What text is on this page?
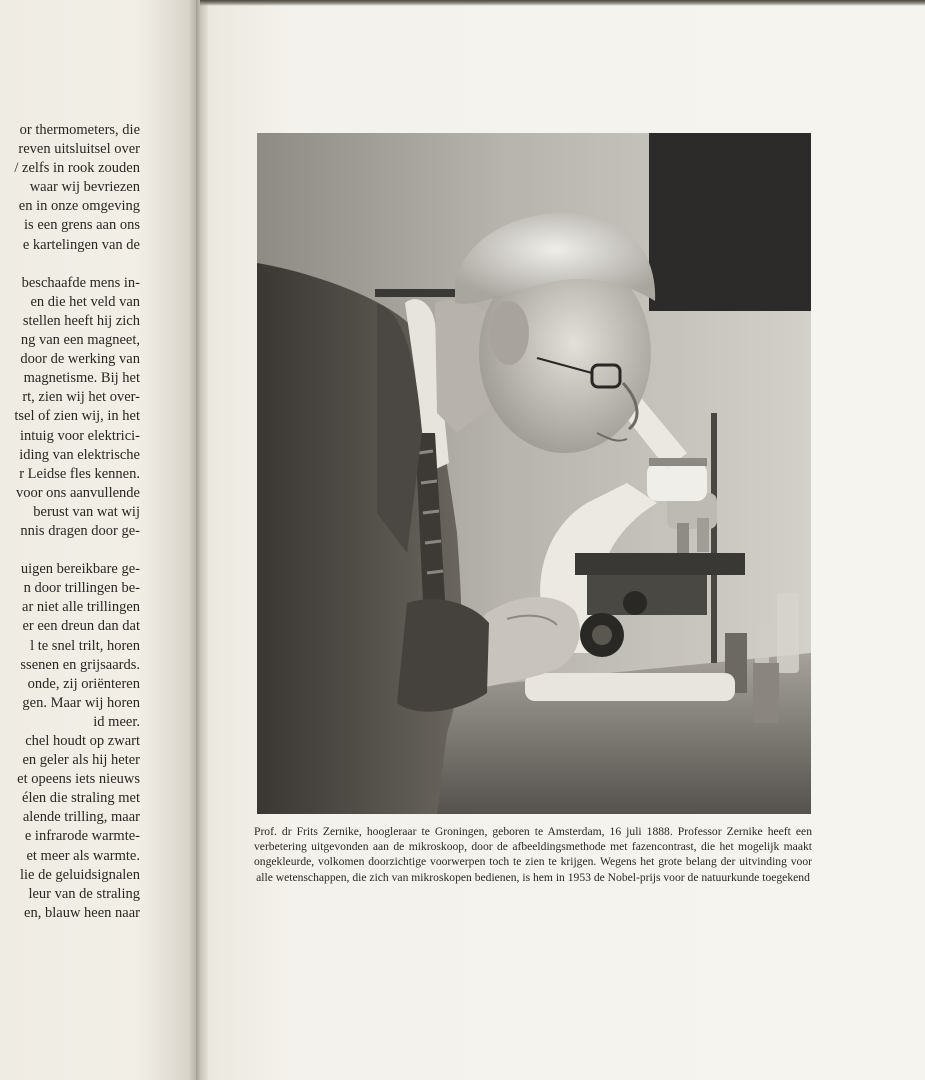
or thermometers, die
reven uitsluitsel over
/ zelfs in rook zouden
waar wij bevriezen
en in onze omgeving
is een grens aan ons
e kartelingen van de
beschaafde mens in-
en die het veld van
stellen heeft hij zich
ng van een magneet,
door de werking van
magnetisme. Bij het
rt, zien wij het over-
tsel of zien wij, in het
intuig voor elektrici-
iding van elektrische
r Leidse fles kennen.
voor ons aanvullende
berust van wat wij
nnis dragen door ge-
uigen bereikbare ge-
n door trillingen be-
ar niet alle trillingen
er een dreun dan dat
l te snel trilt, horen
ssenen en grijsaards.
onde, zij oriënteren
gen. Maar wij horen
id meer.
chel houdt op zwart
en geler als hij heter
et opeens iets nieuws
élen die straling met
alende trilling, maar
e infrarode warmte-
et meer als warmte.
lie de geluidsignalen
leur van de straling
en, blauw heen naar
Prof. dr Frits Zernike, hoogleraar te Groningen, geboren te Amsterdam, 16 juli 1888. Professor Zernike heeft een verbetering uitgevonden aan de mikroskoop, door de afbeeldingsmethode met fazencontrast, die het mogelijk maakt ongekleurde, volkomen doorzichtige voorwerpen toch te zien te krijgen. Wegens het grote belang der uitvinding voor alle wetenschappen, die zich van mikroskopen bedienen, is hem in 1953 de Nobel-prijs voor de natuurkunde toegekend
